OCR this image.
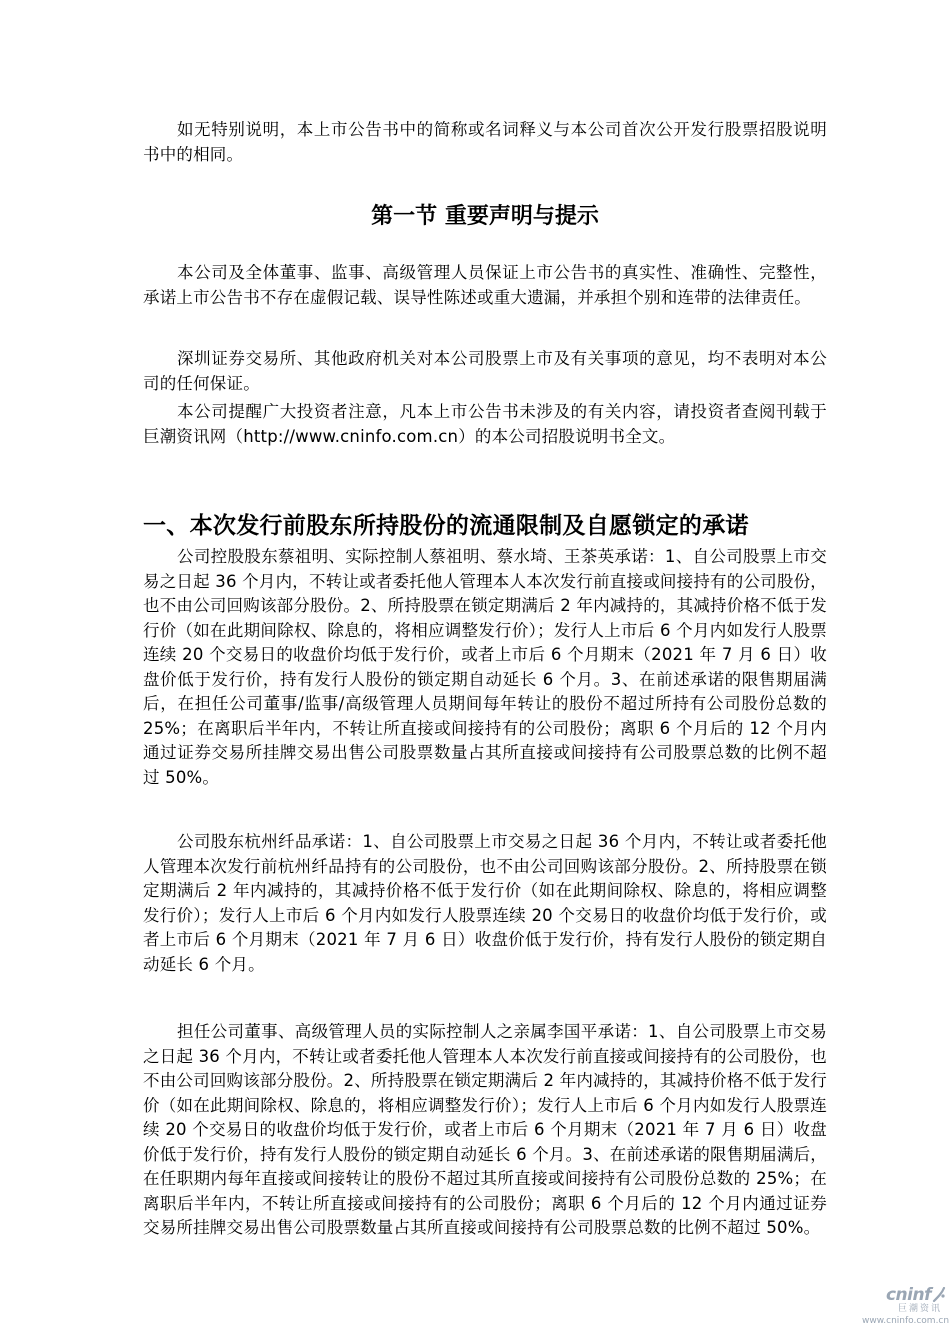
如无特别说明，本上市公告书中的简称或名词释义与本公司首次公开发行股票招股说明书中的相同。

第一节 重要声明与提示

本公司及全体董事、监事、高级管理人员保证上市公告书的真实性、准确性、完整性，承诺上市公告书不存在虚假记载、误导性陈述或重大遗漏，并承担个别和连带的法律责任。

深圳证券交易所、其他政府机关对本公司股票上市及有关事项的意见，均不表明对本公司的任何保证。

本公司提醒广大投资者注意，凡本上市公告书未涉及的有关内容，请投资者查阅刊载于巨潮资讯网（http://www.cninfo.com.cn）的本公司招股说明书全文。

一、本次发行前股东所持股份的流通限制及自愿锁定的承诺

公司控股股东蔡祖明、实际控制人蔡祖明、蔡水埼、王茶英承诺：1、自公司股票上市交易之日起 36 个月内，不转让或者委托他人管理本人本次发行前直接或间接持有的公司股份，也不由公司回购该部分股份。2、所持股票在锁定期满后 2 年内减持的，其减持价格不低于发行价（如在此期间除权、除息的，将相应调整发行价）；发行人上市后 6 个月内如发行人股票连续 20 个交易日的收盘价均低于发行价，或者上市后 6 个月期末（2021 年 7 月 6 日）收盘价低于发行价，持有发行人股份的锁定期自动延长 6 个月。3、在前述承诺的限售期届满后，在担任公司董事/监事/高级管理人员期间每年转让的股份不超过所持有公司股份总数的 25%；在离职后半年内，不转让所直接或间接持有的公司股份；离职 6 个月后的 12 个月内通过证券交易所挂牌交易出售公司股票数量占其所直接或间接持有公司股票总数的比例不超过 50%。

公司股东杭州纤品承诺：1、自公司股票上市交易之日起 36 个月内，不转让或者委托他人管理本次发行前杭州纤品持有的公司股份，也不由公司回购该部分股份。2、所持股票在锁定期满后 2 年内减持的，其减持价格不低于发行价（如在此期间除权、除息的，将相应调整发行价）；发行人上市后 6 个月内如发行人股票连续 20 个交易日的收盘价均低于发行价，或者上市后 6 个月期末（2021 年 7 月 6 日）收盘价低于发行价，持有发行人股份的锁定期自动延长 6 个月。

担任公司董事、高级管理人员的实际控制人之亲属李国平承诺：1、自公司股票上市交易之日起 36 个月内，不转让或者委托他人管理本人本次发行前直接或间接持有的公司股份，也不由公司回购该部分股份。2、所持股票在锁定期满后 2 年内减持的，其减持价格不低于发行价（如在此期间除权、除息的，将相应调整发行价）；发行人上市后 6 个月内如发行人股票连续 20 个交易日的收盘价均低于发行价，或者上市后 6 个月期末（2021 年 7 月 6 日）收盘价低于发行价，持有发行人股份的锁定期自动延长 6 个月。3、在前述承诺的限售期届满后，在任职期内每年直接或间接转让的股份不超过其所直接或间接持有公司股份总数的 25%；在离职后半年内，不转让所直接或间接持有的公司股份；离职 6 个月后的 12 个月内通过证券交易所挂牌交易出售公司股票数量占其所直接或间接持有公司股票总数的比例不超过 50%。

cninf
巨潮资讯
www.cninfo.com.cn
